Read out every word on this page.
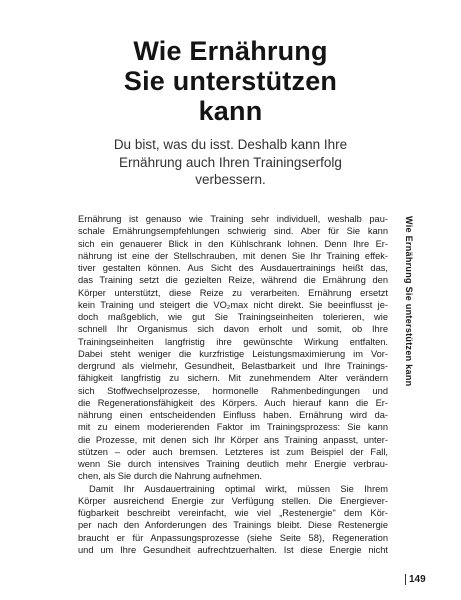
Wie Ernährung
Sie unterstützen
kann
Du bist, was du isst. Deshalb kann Ihre
Ernährung auch Ihren Trainingserfolg
verbessern.
Ernährung ist genauso wie Training sehr individuell, weshalb pau-
schale Ernährungsempfehlungen schwierig sind. Aber für Sie kann
sich ein genauerer Blick in den Kühlschrank lohnen. Denn Ihre Er-
nährung ist eine der Stellschrauben, mit denen Sie Ihr Training effek-
tiver gestalten können. Aus Sicht des Ausdauertrainings heißt das,
das Training setzt die gezielten Reize, während die Ernährung den
Körper unterstützt, diese Reize zu verarbeiten. Ernährung ersetzt
kein Training und steigert die VO₂max nicht direkt. Sie beeinflusst je-
doch maßgeblich, wie gut Sie Trainingseinheiten tolerieren, wie
schnell Ihr Organismus sich davon erholt und somit, ob Ihre
Trainingseinheiten langfristig ihre gewünschte Wirkung entfalten.
Dabei steht weniger die kurzfristige Leistungsmaximierung im Vor-
dergrund als vielmehr, Gesundheit, Belastbarkeit und Ihre Trainings-
fähigkeit langfristig zu sichern. Mit zunehmendem Alter verändern
sich Stoffwechselprozesse, hormonelle Rahmenbedingungen und
die Regenerationsfähigkeit des Körpers. Auch hierauf kann die Er-
nährung einen entscheidenden Einfluss haben. Ernährung wird da-
mit zu einem moderierenden Faktor im Trainingsprozess: Sie kann
die Prozesse, mit denen sich Ihr Körper ans Training anpasst, unter-
stützen – oder auch bremsen. Letzteres ist zum Beispiel der Fall,
wenn Sie durch intensives Training deutlich mehr Energie verbrau-
chen, als Sie durch die Nahrung aufnehmen.
Damit Ihr Ausdauertraining optimal wirkt, müssen Sie Ihrem
Körper ausreichend Energie zur Verfügung stellen. Die Energiever-
fügbarkeit beschreibt vereinfacht, wie viel „Restenergie" dem Kör-
per nach den Anforderungen des Trainings bleibt. Diese Restenergie
braucht er für Anpassungsprozesse (siehe Seite 58), Regeneration
und um Ihre Gesundheit aufrechtzuerhalten. Ist diese Energie nicht
Wie Ernährung Sie unterstützen kann
149
